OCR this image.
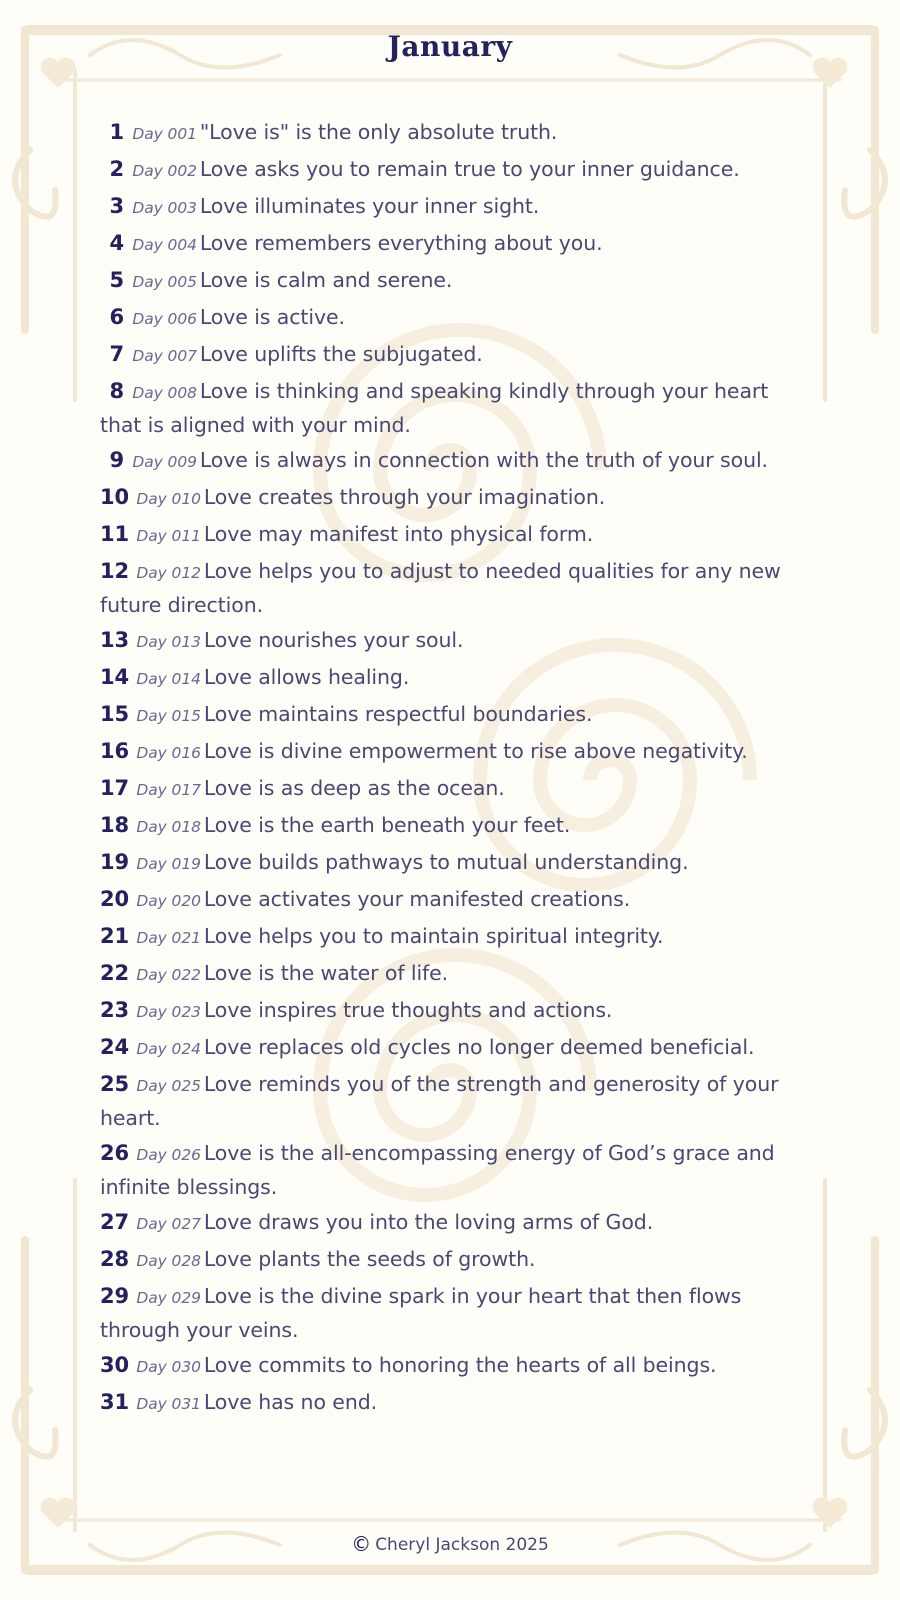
January
1 Day 001 "Love is" is the only absolute truth.
2 Day 002 Love asks you to remain true to your inner guidance.
3 Day 003 Love illuminates your inner sight.
4 Day 004 Love remembers everything about you.
5 Day 005 Love is calm and serene.
6 Day 006 Love is active.
7 Day 007 Love uplifts the subjugated.
8 Day 008 Love is thinking and speaking kindly through your heart that is aligned with your mind.
9 Day 009 Love is always in connection with the truth of your soul.
10 Day 010 Love creates through your imagination.
11 Day 011 Love may manifest into physical form.
12 Day 012 Love helps you to adjust to needed qualities for any new future direction.
13 Day 013 Love nourishes your soul.
14 Day 014 Love allows healing.
15 Day 015 Love maintains respectful boundaries.
16 Day 016 Love is divine empowerment to rise above negativity.
17 Day 017 Love is as deep as the ocean.
18 Day 018 Love is the earth beneath your feet.
19 Day 019 Love builds pathways to mutual understanding.
20 Day 020 Love activates your manifested creations.
21 Day 021 Love helps you to maintain spiritual integrity.
22 Day 022 Love is the water of life.
23 Day 023 Love inspires true thoughts and actions.
24 Day 024 Love replaces old cycles no longer deemed beneficial.
25 Day 025 Love reminds you of the strength and generosity of your heart.
26 Day 026 Love is the all-encompassing energy of God’s grace and infinite blessings.
27 Day 027 Love draws you into the loving arms of God.
28 Day 028 Love plants the seeds of growth.
29 Day 029 Love is the divine spark in your heart that then flows through your veins.
30 Day 030 Love commits to honoring the hearts of all beings.
31 Day 031 Love has no end.
© Cheryl Jackson 2025
